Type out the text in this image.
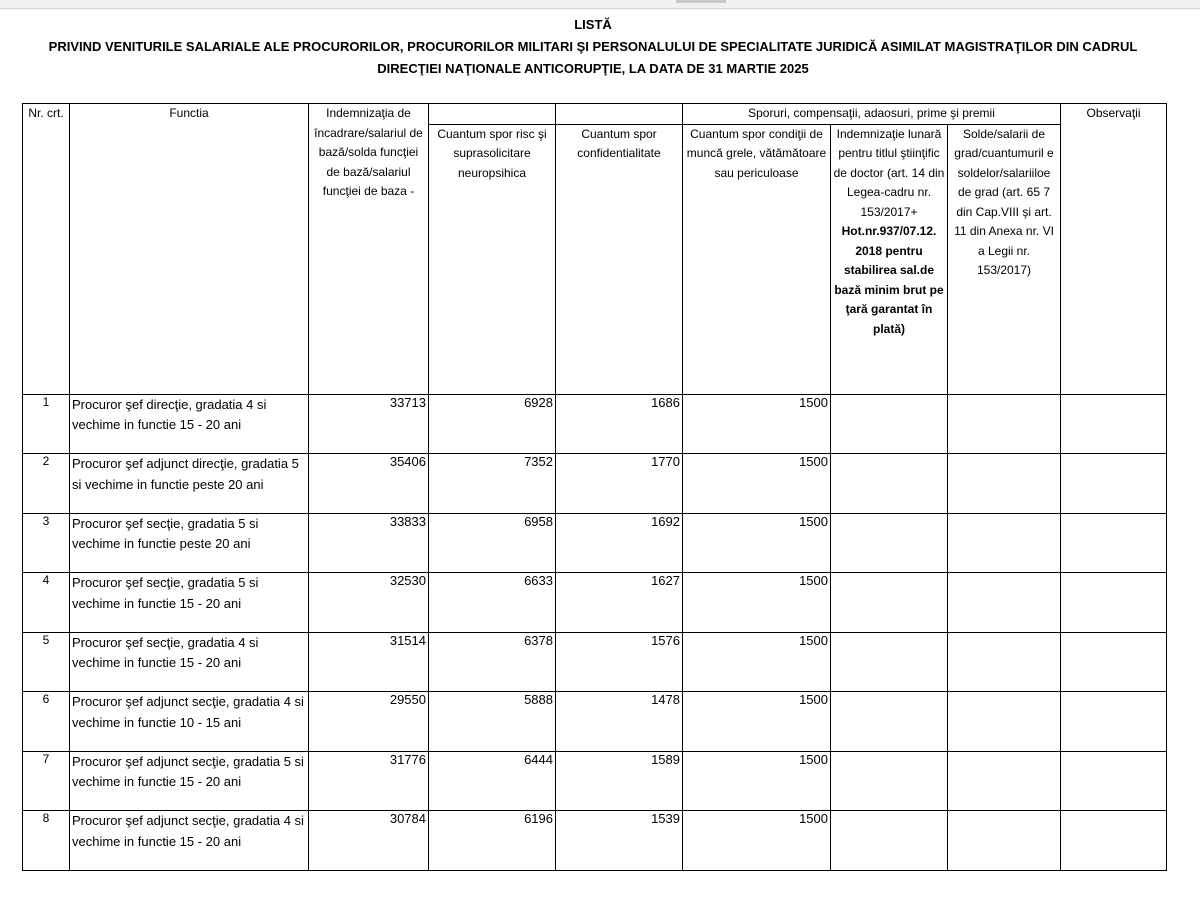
LISTĂ
PRIVIND VENITURILE SALARIALE ALE PROCURORILOR, PROCURORILOR MILITARI ŞI PERSONALULUI DE SPECIALITATE JURIDICĂ ASIMILAT MAGISTRAŢILOR DIN CADRUL
DIRECŢIEI NAŢIONALE ANTICORUPŢIE, LA DATA DE 31 MARTIE 2025
Nr. crt.	Functia	Indemnizaţia de încadrare/salariul de bază/solda funcţiei de bază/salariul funcţiei de baza -			Sporuri, compensaţii, adaosuri, prime şi premii			Observaţii
			Cuantum spor risc şi suprasolicitare neuropsihica	Cuantum spor confidentialitate	Cuantum spor condiţii de muncă grele, vătămătoare sau periculoase	Indemnizaţie lunară pentru titlul ştiinţific de doctor (art. 14 din Legea-cadru nr. 153/2017+ Hot.nr.937/07.12. 2018 pentru stabilirea sal.de bază minim brut pe ţară garantat în plată)	Solde/salarii de grad/cuantumuril e soldelor/salariiloe de grad (art. 65 7 din Cap.VIII şi art. 11 din Anexa nr. VI a Legii nr. 153/2017)	
1	Procuror şef direcţie, gradatia 4 si vechime in functie 15 - 20 ani	33713	6928	1686	1500			
2	Procuror şef adjunct direcţie, gradatia 5 si vechime in functie peste 20 ani	35406	7352	1770	1500			
3	Procuror şef secţie, gradatia 5 si vechime in functie peste 20 ani	33833	6958	1692	1500			
4	Procuror şef secţie, gradatia 5 si vechime in functie 15 - 20 ani	32530	6633	1627	1500			
5	Procuror şef secţie, gradatia 4 si vechime in functie 15 - 20 ani	31514	6378	1576	1500			
6	Procuror şef adjunct secţie, gradatia 4 si vechime in functie 10 - 15 ani	29550	5888	1478	1500			
7	Procuror şef adjunct secţie, gradatia 5 si vechime in functie 15 - 20 ani	31776	6444	1589	1500			
8	Procuror şef adjunct secţie, gradatia 4 si vechime in functie 15 - 20 ani	30784	6196	1539	1500			
